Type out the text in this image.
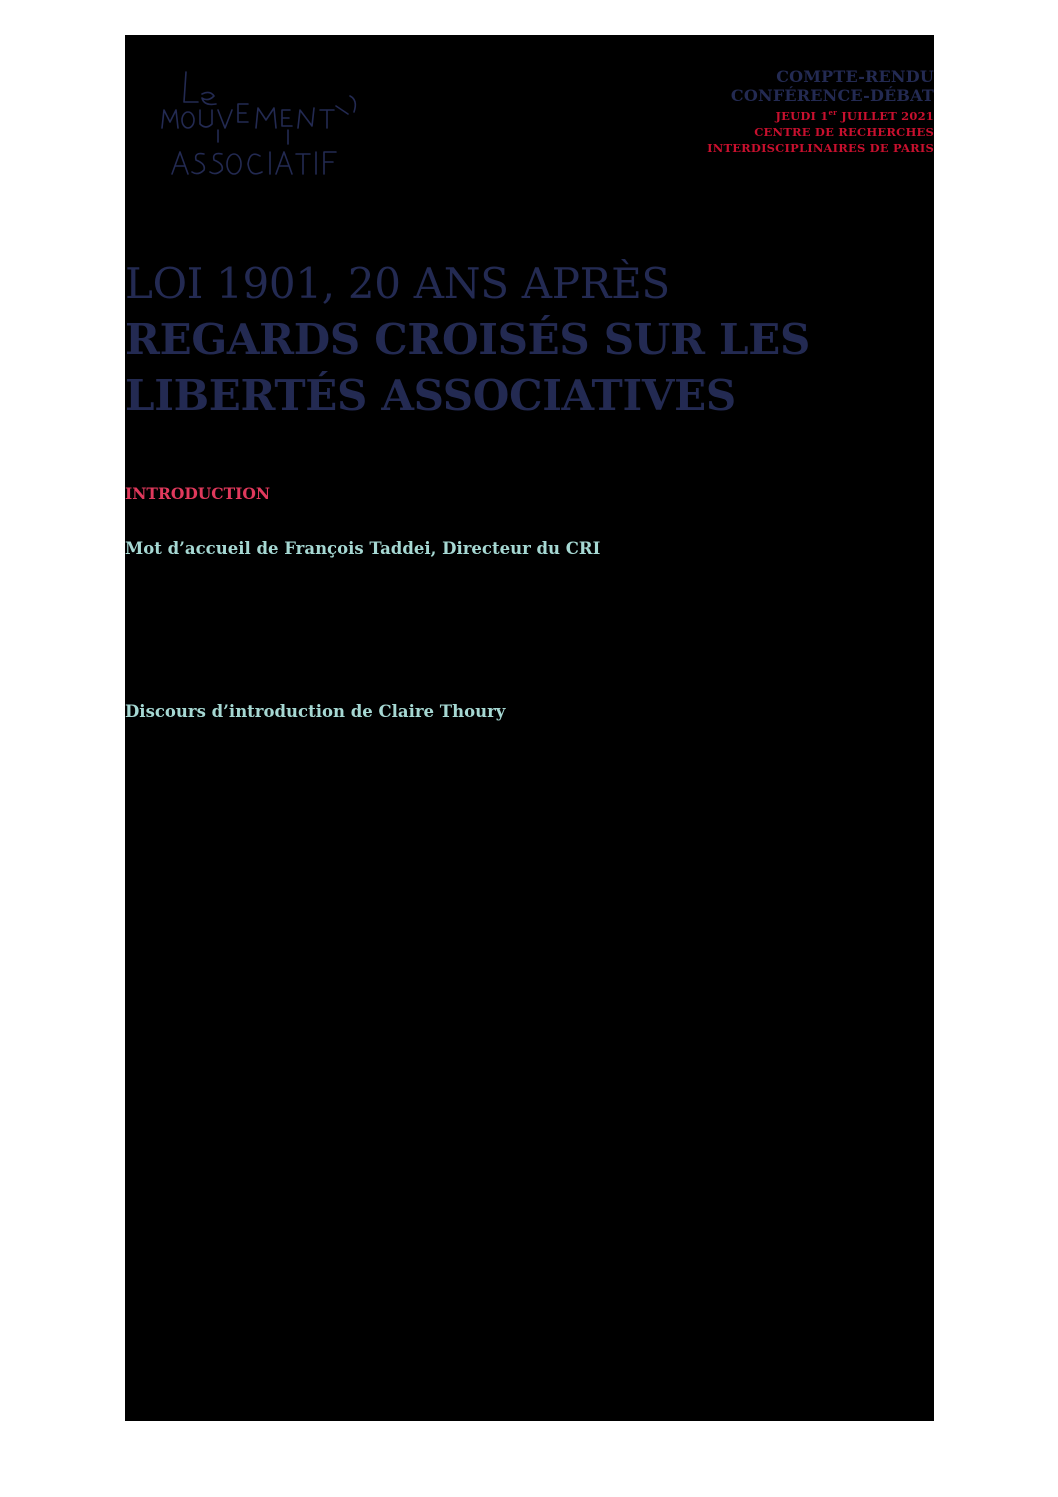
COMPTE-RENDU
CONFÉRENCE-DÉBAT
JEUDI 1er JUILLET 2021
CENTRE DE RECHERCHES
INTERDISCIPLINAIRES DE PARIS
LOI 1901, 20 ANS APRÈS
REGARDS CROISÉS SUR LES
LIBERTÉS ASSOCIATIVES
INTRODUCTION
Mot d’accueil de François Taddei, Directeur du CRI
Discours d’introduction de Claire Thoury
